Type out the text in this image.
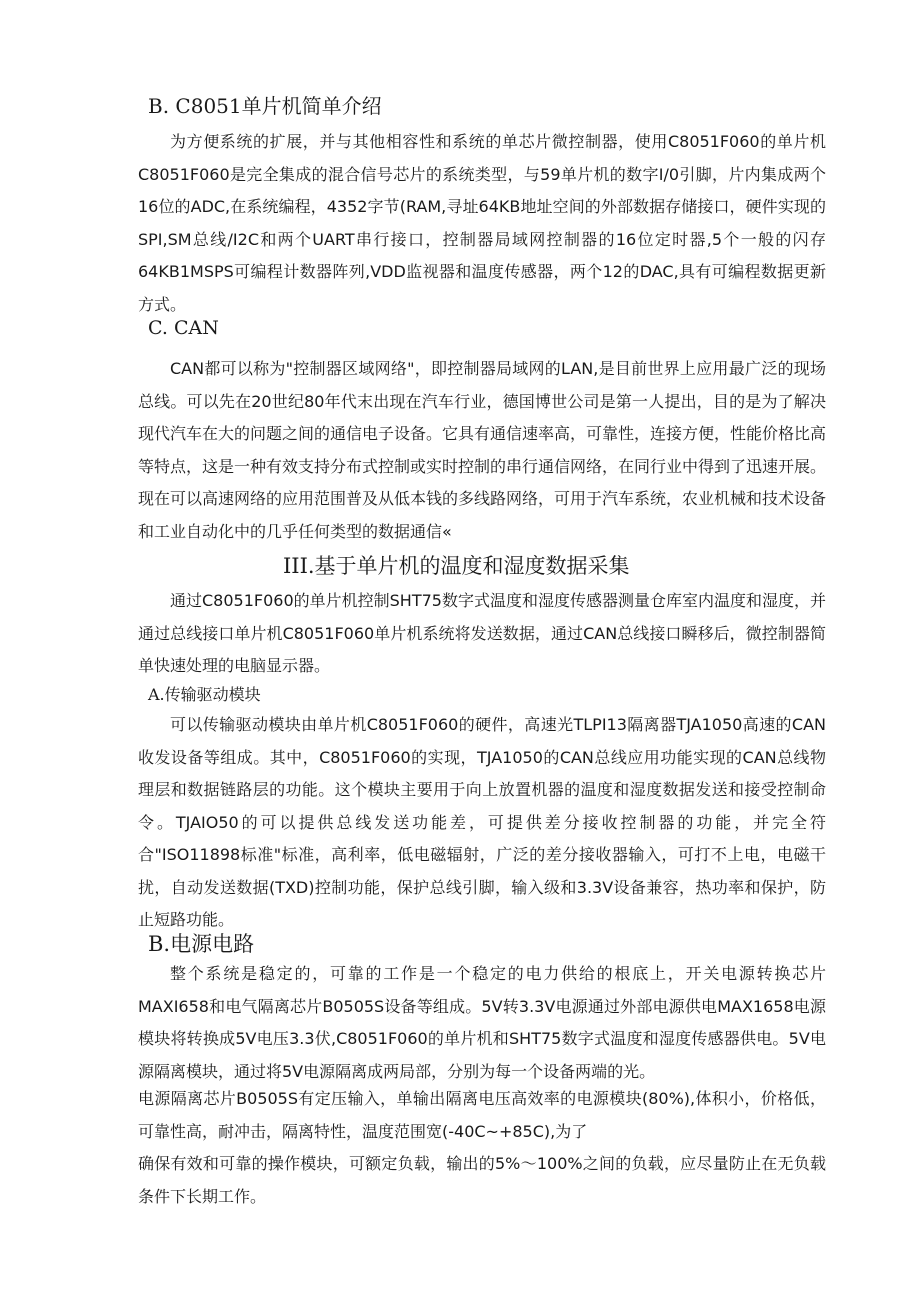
B. C8051单片机简单介绍

为方便系统的扩展，并与其他相容性和系统的单芯片微控制器，使用C8051F060的单片机C8051F060是完全集成的混合信号芯片的系统类型，与59单片机的数字I/0引脚，片内集成两个16位的ADC,在系统编程，4352字节(RAM,寻址64KB地址空间的外部数据存储接口，硬件实现的SPI,SM总线/I2C和两个UART串行接口，控制器局域网控制器的16位定时器,5个一般的闪存64KB1MSPS可编程计数器阵列,VDD监视器和温度传感器，两个12的DAC,具有可编程数据更新方式。

C. CAN

CAN都可以称为"控制器区域网络"，即控制器局域网的LAN,是目前世界上应用最广泛的现场总线。可以先在20世纪80年代末出现在汽车行业，德国博世公司是第一人提出，目的是为了解决现代汽车在大的问题之间的通信电子设备。它具有通信速率高，可靠性，连接方便，性能价格比高等特点，这是一种有效支持分布式控制或实时控制的串行通信网络，在同行业中得到了迅速开展。现在可以高速网络的应用范围普及从低本钱的多线路网络，可用于汽车系统，农业机械和技术设备和工业自动化中的几乎任何类型的数据通信«

III.基于单片机的温度和湿度数据采集

通过C8051F060的单片机控制SHT75数字式温度和湿度传感器测量仓库室内温度和湿度，并通过总线接口单片机C8051F060单片机系统将发送数据，通过CAN总线接口瞬移后，微控制器简单快速处理的电脑显示器。

A.传输驱动模块

可以传输驱动模块由单片机C8051F060的硬件，高速光TLPI13隔离器TJA1050高速的CAN收发设备等组成。其中，C8051F060的实现，TJA1050的CAN总线应用功能实现的CAN总线物理层和数据链路层的功能。这个模块主要用于向上放置机器的温度和湿度数据发送和接受控制命令。TJAIO50的可以提供总线发送功能差，可提供差分接收控制器的功能，并完全符合"ISO11898标准"标准，高利率，低电磁辐射，广泛的差分接收器输入，可打不上电，电磁干扰，自动发送数据(TXD)控制功能，保护总线引脚，输入级和3.3V设备兼容，热功率和保护，防止短路功能。

B.电源电路

整个系统是稳定的，可靠的工作是一个稳定的电力供给的根底上，开关电源转换芯片MAXI658和电气隔离芯片B0505S设备等组成。5V转3.3V电源通过外部电源供电MAX1658电源模块将转换成5V电压3.3伏,C8051F060的单片机和SHT75数字式温度和湿度传感器供电。5V电源隔离模块，通过将5V电源隔离成两局部，分别为每一个设备两端的光。

电源隔离芯片B0505S有定压输入，单输出隔离电压高效率的电源模块(80%),体积小，价格低，可靠性高，耐冲击，隔离特性，温度范围宽(-40C~+85C),为了

确保有效和可靠的操作模块，可额定负载，输出的5%～100%之间的负载，应尽量防止在无负载条件下长期工作。
